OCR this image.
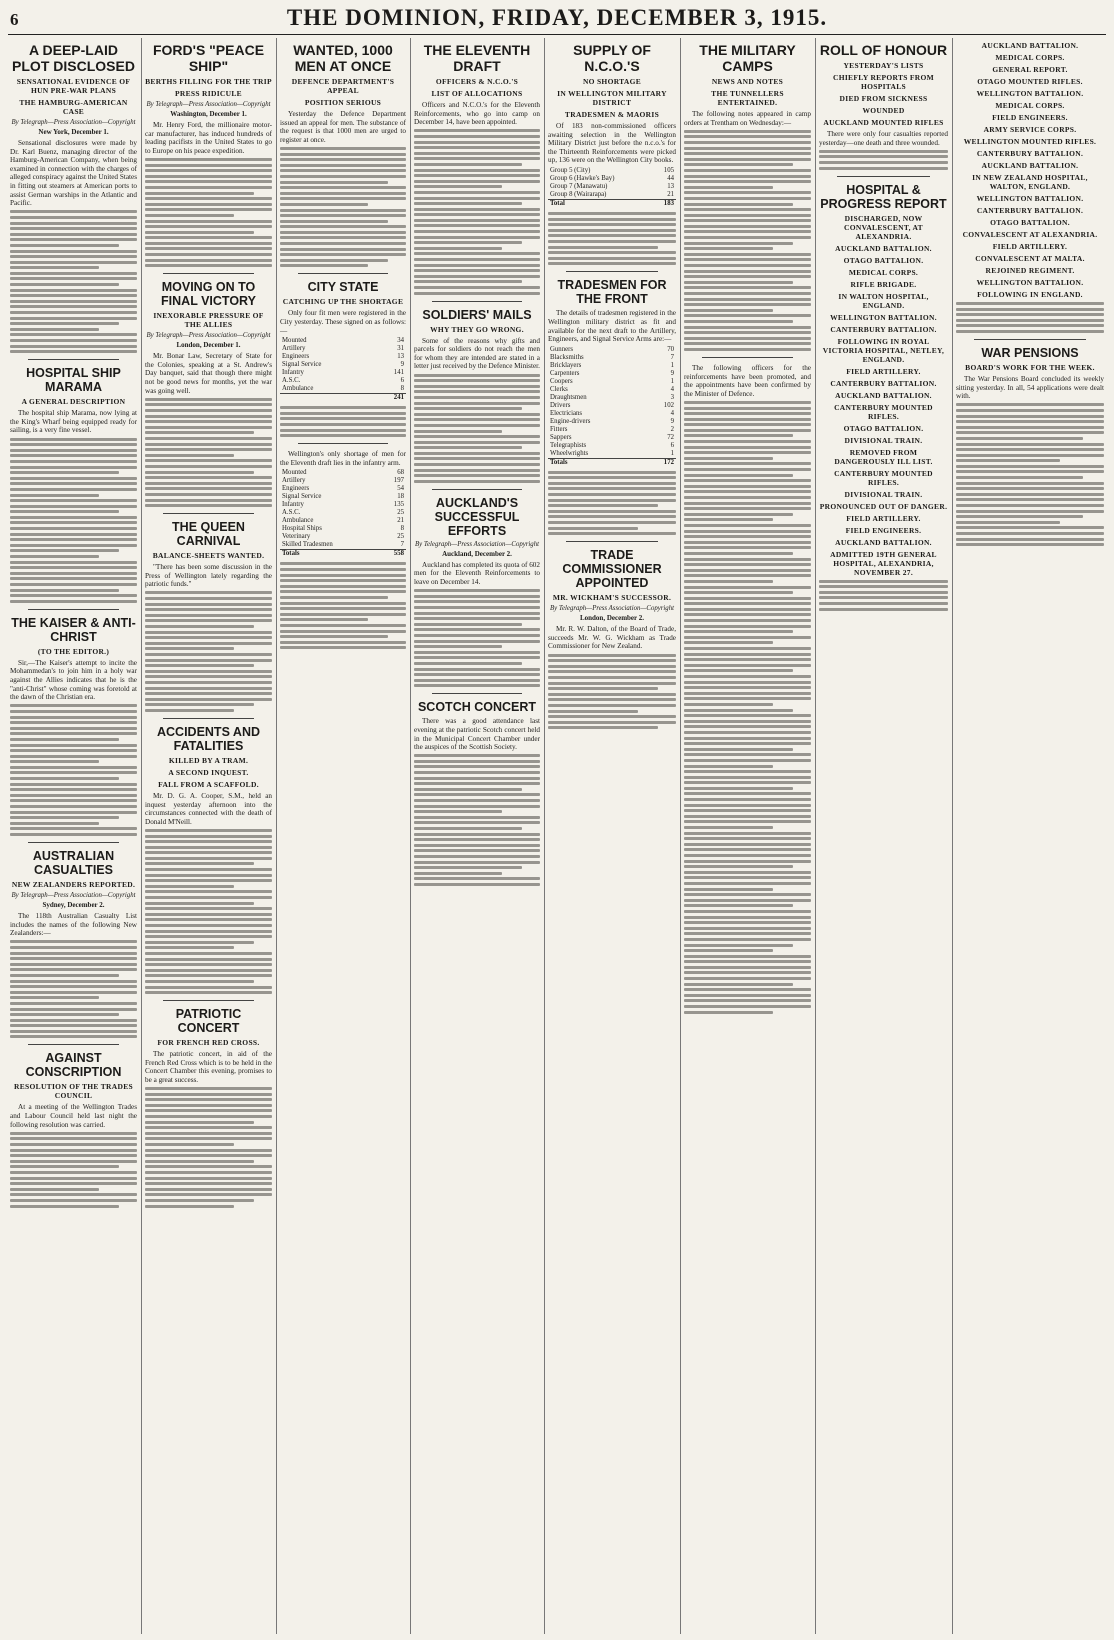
6	THE DOMINION, FRIDAY, DECEMBER 3, 1915.
A DEEP-LAID PLOT DISCLOSED
SENSATIONAL EVIDENCE OF HUN PRE-WAR PLANS
THE HAMBURG-AMERICAN CASE
By Telegraph—Press Association—Copyright
New York, December 1.

Sensational disclosures were made by Dr. Karl Buenz, managing director of the Hamburg-American Company, when being examined in connection with the charges of alleged conspiracy against the United States in fitting out steamers at American ports to assist German warships in the Atlantic and Pacific.

HOSPITAL SHIP MARAMA
A GENERAL DESCRIPTION

The hospital ship Marama, now lying at the King's Wharf being equipped ready for sailing, is a very fine vessel.

THE KAISER & ANTI-CHRIST
(TO THE EDITOR.)

Sir,—The Kaiser's attempt to incite the Mohammedan's to join him in a holy war against the Allies indicates that he is the "anti-Christ" whose coming was foretold at the dawn of the Christian era.

AUSTRALIAN CASUALTIES
NEW ZEALANDERS REPORTED.
By Telegraph—Press Association—Copyright
Sydney, December 2.

The 118th Australian Casualty List includes the names of the following New Zealanders:—

AGAINST CONSCRIPTION
RESOLUTION OF THE TRADES COUNCIL

At a meeting of the Wellington Trades and Labour Council held last night the following resolution was carried.

FORD'S "PEACE SHIP"
BERTHS FILLING FOR THE TRIP
PRESS RIDICULE
By Telegraph—Press Association—Copyright
Washington, December 1.

Mr. Henry Ford, the millionaire motor-car manufacturer, has induced hundreds of leading pacifists in the United States to go to Europe on his peace expedition.

MOVING ON TO FINAL VICTORY
INEXORABLE PRESSURE OF THE ALLIES
By Telegraph—Press Association—Copyright
London, December 1.

Mr. Bonar Law, Secretary of State for the Colonies, speaking at a St. Andrew's Day banquet, said that though there might not be good news for months, yet the war was going well.

THE QUEEN CARNIVAL
BALANCE-SHEETS WANTED.

"There has been some discussion in the Press of Wellington lately regarding the patriotic funds."

ACCIDENTS AND FATALITIES
KILLED BY A TRAM.
A SECOND INQUEST.
FALL FROM A SCAFFOLD.

Mr. D. G. A. Cooper, S.M., held an inquest yesterday afternoon into the circumstances connected with the death of Donald M'Neill.

PATRIOTIC CONCERT
FOR FRENCH RED CROSS.

The patriotic concert, in aid of the French Red Cross which is to be held in the Concert Chamber this evening, promises to be a great success.

WANTED, 1000 MEN AT ONCE
DEFENCE DEPARTMENT'S APPEAL
POSITION SERIOUS

Yesterday the Defence Department issued an appeal for men. The substance of the request is that 1000 men are urged to register at once.

CITY STATE
CATCHING UP THE SHORTAGE

Only four fit men were registered in the City yesterday. These signed on as follows:—

Mounted	34
Artillery	31
Engineers	13
Signal Service	9
Infantry	141
A.S.C.	6
Ambulance	8
	241

Wellington's only shortage of men for the Eleventh draft lies in the infantry arm.

Mounted	68
Artillery	197
Engineers	54
Signal Service	18
Infantry	135
A.S.C.	25
Ambulance	21
Hospital Ships	8
Veterinary	25
Skilled Tradesmen	7
Totals	558
THE ELEVENTH DRAFT
OFFICERS & N.C.O.'S
LIST OF ALLOCATIONS

Officers and N.C.O.'s for the Eleventh Reinforcements, who go into camp on December 14, have been appointed.

SOLDIERS' MAILS
WHY THEY GO WRONG.

Some of the reasons why gifts and parcels for soldiers do not reach the men for whom they are intended are stated in a letter just received by the Defence Minister.

AUCKLAND'S SUCCESSFUL EFFORTS
By Telegraph—Press Association—Copyright
Auckland, December 2.

Auckland has completed its quota of 602 men for the Eleventh Reinforcements to leave on December 14.

SCOTCH CONCERT

There was a good attendance last evening at the patriotic Scotch concert held in the Municipal Concert Chamber under the auspices of the Scottish Society.

SUPPLY OF N.C.O.'S
NO SHORTAGE
IN WELLINGTON MILITARY DISTRICT
TRADESMEN & MAORIS

Of 183 non-commissioned officers awaiting selection in the Wellington Military District just before the n.c.o.'s for the Thirteenth Reinforcements were picked up, 136 were on the Wellington City books.

Group 5 (City)	105
Group 6 (Hawke's Bay)	44
Group 7 (Manawatu)	13
Group 8 (Wairarapa)	21
Total	183
TRADESMEN FOR THE FRONT

The details of tradesmen registered in the Wellington military district as fit and available for the next draft to the Artillery, Engineers, and Signal Service Arms are:—

Gunners	70
Blacksmiths	7
Bricklayers	1
Carpenters	9
Coopers	1
Clerks	4
Draughtsmen	3
Drivers	102
Electricians	4
Engine-drivers	9
Fitters	2
Sappers	72
Telegraphists	6
Wheelwrights	1
Totals	172
TRADE COMMISSIONER APPOINTED
MR. WICKHAM'S SUCCESSOR.
By Telegraph—Press Association—Copyright
London, December 2.

Mr. R. W. Dalton, of the Board of Trade, succeeds Mr. W. G. Wickham as Trade Commissioner for New Zealand.

THE MILITARY CAMPS
NEWS AND NOTES
THE TUNNELLERS ENTERTAINED.

The following notes appeared in camp orders at Trentham on Wednesday:—

The following officers for the reinforcements have been promoted, and the appointments have been confirmed by the Minister of Defence.

ROLL OF HONOUR
YESTERDAY'S LISTS
CHIEFLY REPORTS FROM HOSPITALS
DIED FROM SICKNESS
WOUNDED
AUCKLAND MOUNTED RIFLES

There were only four casualties reported yesterday—one death and three wounded.

HOSPITAL & PROGRESS REPORT
DISCHARGED, NOW CONVALESCENT, AT ALEXANDRIA.
AUCKLAND BATTALION.
OTAGO BATTALION.
MEDICAL CORPS.
RIFLE BRIGADE.
IN WALTON HOSPITAL, ENGLAND.
WELLINGTON BATTALION.
CANTERBURY BATTALION.
FOLLOWING IN ROYAL VICTORIA HOSPITAL, NETLEY, ENGLAND.
FIELD ARTILLERY.
CANTERBURY BATTALION.
AUCKLAND BATTALION.
CANTERBURY MOUNTED RIFLES.
OTAGO BATTALION.
DIVISIONAL TRAIN.
REMOVED FROM DANGEROUSLY ILL LIST.
CANTERBURY MOUNTED RIFLES.
DIVISIONAL TRAIN.
PRONOUNCED OUT OF DANGER.
FIELD ARTILLERY.
FIELD ENGINEERS.
AUCKLAND BATTALION.
ADMITTED 19TH GENERAL HOSPITAL, ALEXANDRIA, NOVEMBER 27.
AUCKLAND BATTALION.
MEDICAL CORPS.
GENERAL REPORT.
OTAGO MOUNTED RIFLES.
WELLINGTON BATTALION.
MEDICAL CORPS.
FIELD ENGINEERS.
ARMY SERVICE CORPS.
WELLINGTON MOUNTED RIFLES.
CANTERBURY BATTALION.
AUCKLAND BATTALION.
IN NEW ZEALAND HOSPITAL, WALTON, ENGLAND.
WELLINGTON BATTALION.
CANTERBURY BATTALION.
OTAGO BATTALION.
CONVALESCENT AT ALEXANDRIA.
FIELD ARTILLERY.
CONVALESCENT AT MALTA.
REJOINED REGIMENT.
WELLINGTON BATTALION.
FOLLOWING IN ENGLAND.
WAR PENSIONS
BOARD'S WORK FOR THE WEEK.

The War Pensions Board concluded its weekly sitting yesterday. In all, 54 applications were dealt with.
